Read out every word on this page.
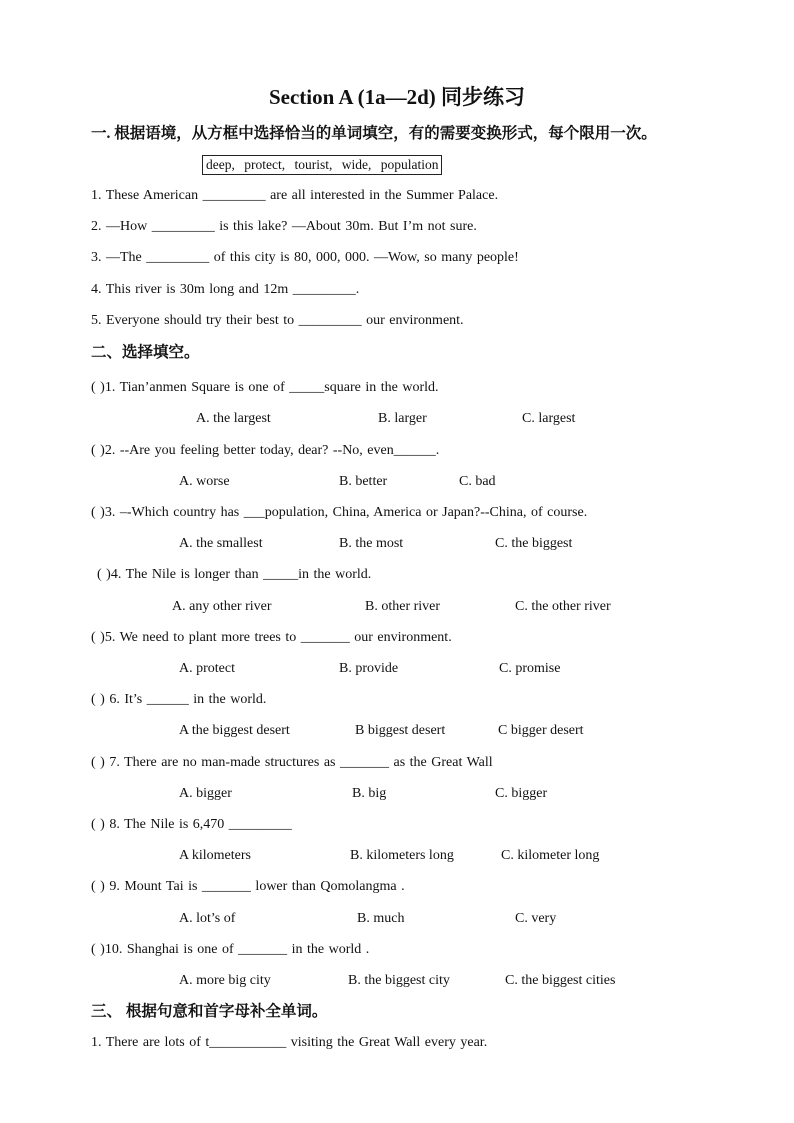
Section A (1a—2d) 同步练习
一. 根据语境，从方框中选择恰当的单词填空，有的需要变换形式，每个限用一次。
deep, protect, tourist, wide, population
1. These American _________ are all interested in the Summer Palace.
2. —How _________ is this lake? —About 30m. But I’m not sure.
3. —The _________ of this city is 80, 000, 000. —Wow, so many people!
4. This river is 30m long and 12m _________.
5. Everyone should try their best to _________ our environment.
二、选择填空。
( )1. Tian’anmen Square is one of _____square in the world.
A. the largest	B. larger	C. largest
( )2. --Are you feeling better today, dear? --No, even______.
A. worse	B. better	C. bad
( )3. –-Which country has ___population, China, America or Japan?--China, of course.
A. the smallest	B. the most	C. the biggest
( )4. The Nile is longer than _____in the world.
A. any other river	B. other river	C. the other river
( )5. We need to plant more trees to _______ our environment.
A. protect	B. provide	C. promise
( ) 6. It’s ______ in the world.
A the biggest desert	B biggest desert	C bigger desert
( ) 7. There are no man-made structures as _______ as the Great Wall
A. bigger	B. big	C. bigger
( ) 8. The Nile is 6,470 _________
A kilometers	B. kilometers long	C. kilometer long
( ) 9. Mount Tai is _______ lower than Qomolangma .
A. lot’s of	B. much	C. very
( )10. Shanghai is one of _______ in the world .
A. more big city	B. the biggest city	C. the biggest cities
三、 根据句意和首字母补全单词。
1. There are lots of t___________ visiting the Great Wall every year.
